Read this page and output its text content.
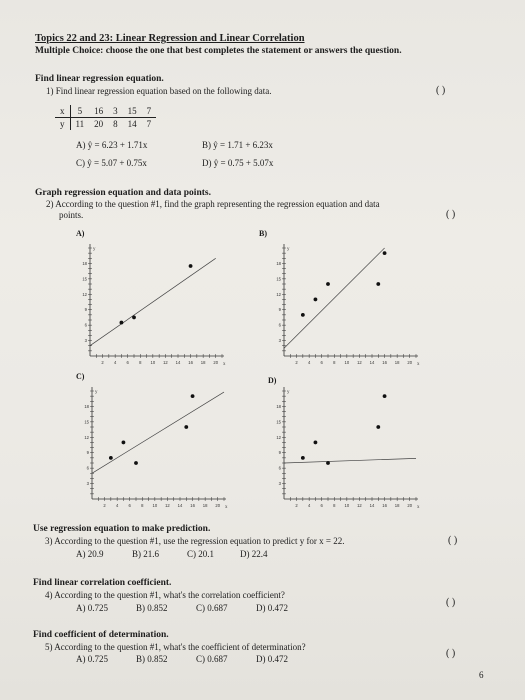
Topics 22 and 23: Linear Regression and Linear Correlation
Multiple Choice: choose the one that best completes the statement or answers the question.
Find linear regression equation.
1) Find linear regression equation based on the following data.	( )
x	5	16	3	15	7
y	11	20	8	14	7
A) ŷ = 6.23 + 1.71x	B) ŷ = 1.71 + 6.23x
C) ŷ = 5.07 + 0.75x	D) ŷ = 0.75 + 5.07x
Graph regression equation and data points.
2) According to the question #1, find the graph representing the regression equation and data
points.	( )
A)	B)
C)	D)
y
x
2 4 6 8 10 12 14 16 18 20
18
15
12
9
6
3
y
x
2 4 6 8 10 12 14 16 18 20
18
15
12
9
6
3
y
x
2 4 6 8 10 12 14 16 18 20
18
15
12
9
6
3
y
x
2 4 6 8 10 12 14 16 18 20
18
15
12
9
6
3
Use regression equation to make prediction.
3) According to the question #1, use the regression equation to predict y for x = 22.	( )
A) 20.9	B) 21.6	C) 20.1	D) 22.4
Find linear correlation coefficient.
4) According to the question #1, what's the correlation coefficient?
( )
A) 0.725	B) 0.852	C) 0.687	D) 0.472
Find coefficient of determination.
5) According to the question #1, what's the coefficient of determination?
( )
A) 0.725	B) 0.852	C) 0.687	D) 0.472
6
